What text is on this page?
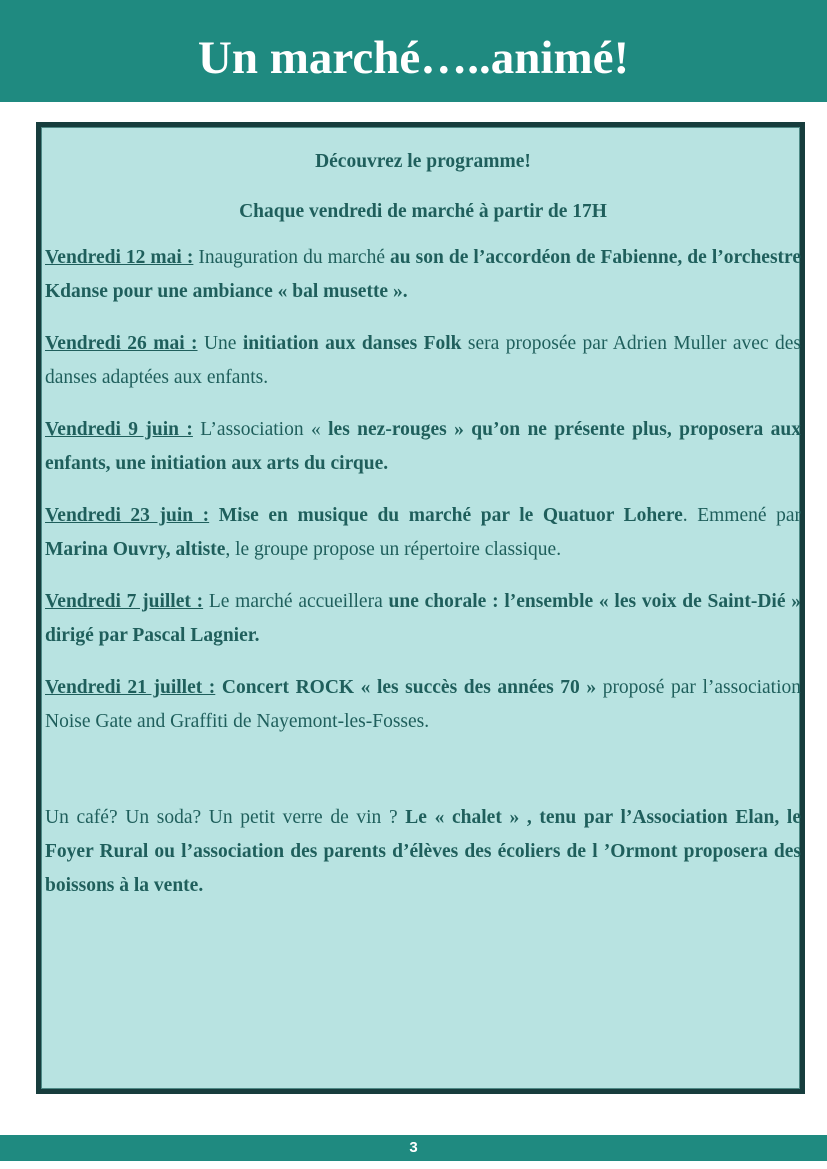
Un marché…..animé!

Découvrez le programme!

Chaque vendredi de marché à partir de 17H

Vendredi 12 mai : Inauguration du marché au son de l’accordéon de Fabienne, de l’orchestre Kdanse pour une ambiance « bal musette ».

Vendredi 26 mai : Une initiation aux danses Folk sera proposée par Adrien Muller avec des danses adaptées aux enfants.

Vendredi 9 juin : L’association « les nez-rouges » qu’on ne présente plus, proposera aux enfants, une initiation aux arts du cirque.

Vendredi 23 juin : Mise en musique du marché par le Quatuor Lohere. Emmené par Marina Ouvry, altiste, le groupe propose un répertoire classique.

Vendredi 7 juillet : Le marché accueillera une chorale : l’ensemble « les voix de Saint-Dié » dirigé par Pascal Lagnier.

Vendredi 21 juillet : Concert ROCK « les succès des années 70 » proposé par l’association Noise Gate and Graffiti de Nayemont-les-Fosses.

Un café? Un soda? Un petit verre de vin ? Le « chalet » , tenu par l’Association Elan, le Foyer Rural ou l’association des parents d’élèves des écoliers de l ’Ormont proposera des boissons à la vente.

3
